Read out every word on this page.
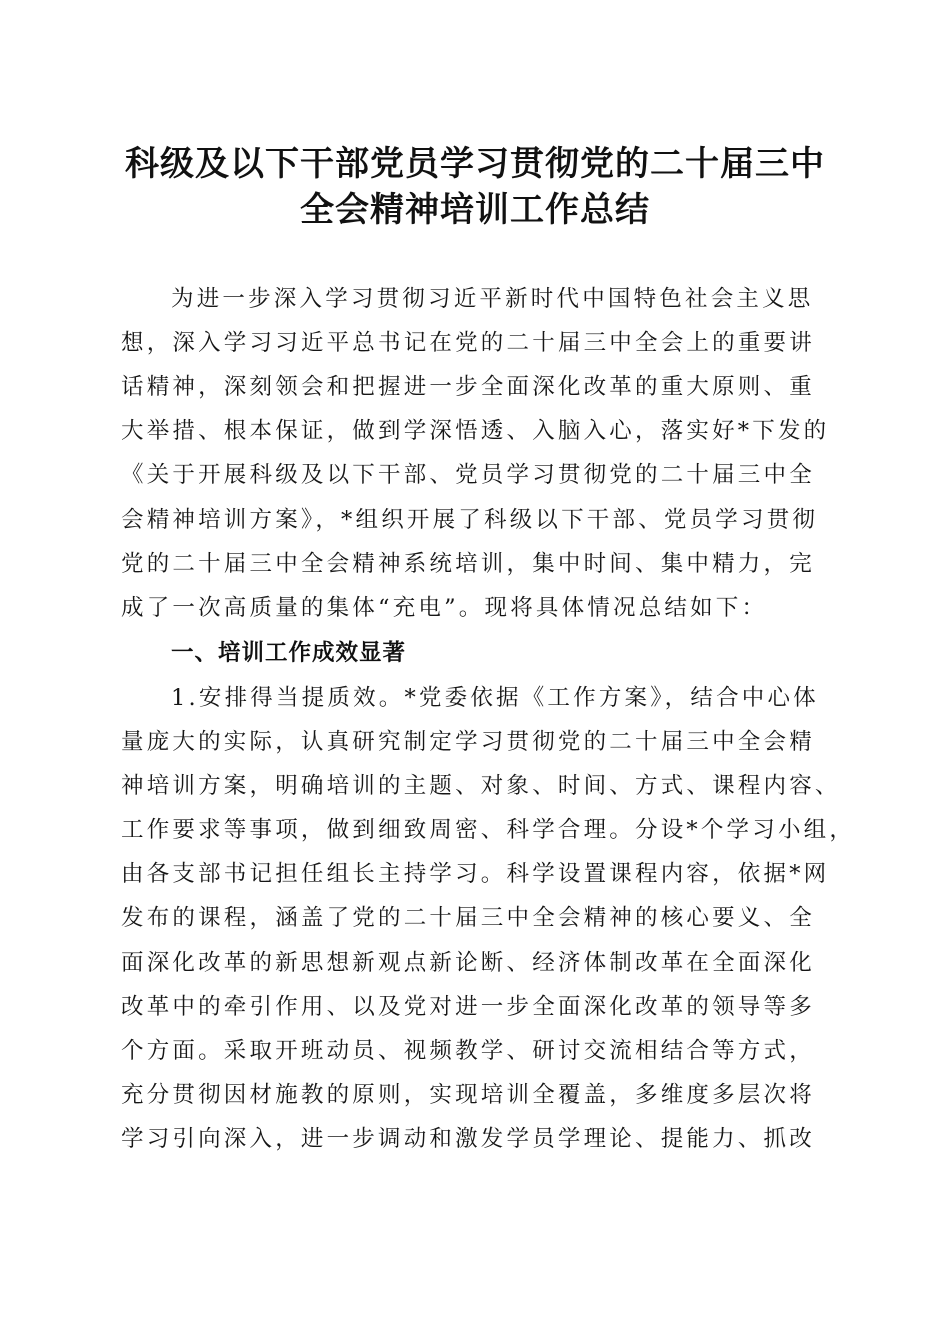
科级及以下干部党员学习贯彻党的二十届三中
全会精神培训工作总结
为进一步深入学习贯彻习近平新时代中国特色社会主义思
想，深入学习习近平总书记在党的二十届三中全会上的重要讲
话精神，深刻领会和把握进一步全面深化改革的重大原则、重
大举措、根本保证，做到学深悟透、入脑入心，落实好*下发的
《关于开展科级及以下干部、党员学习贯彻党的二十届三中全
会精神培训方案》，*组织开展了科级以下干部、党员学习贯彻
党的二十届三中全会精神系统培训，集中时间、集中精力，完
成了一次高质量的集体“充电”。现将具体情况总结如下：
一、培训工作成效显著
1.安排得当提质效。*党委依据《工作方案》，结合中心体
量庞大的实际，认真研究制定学习贯彻党的二十届三中全会精
神培训方案，明确培训的主题、对象、时间、方式、课程内容、
工作要求等事项，做到细致周密、科学合理。分设*个学习小组，
由各支部书记担任组长主持学习。科学设置课程内容，依据*网
发布的课程，涵盖了党的二十届三中全会精神的核心要义、全
面深化改革的新思想新观点新论断、经济体制改革在全面深化
改革中的牵引作用、以及党对进一步全面深化改革的领导等多
个方面。采取开班动员、视频教学、研讨交流相结合等方式，
充分贯彻因材施教的原则，实现培训全覆盖，多维度多层次将
学习引向深入，进一步调动和激发学员学理论、提能力、抓改
